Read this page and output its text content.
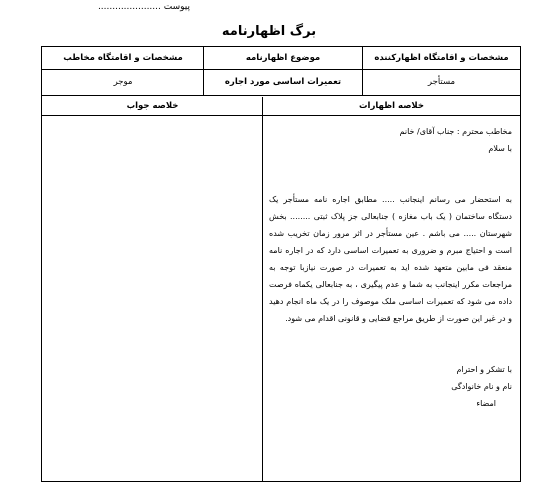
پیوست ......................
برگ اظهارنامه
مشخصات و اقامتگاه اظهارکننده
موضوع اظهارنامه
مشخصات و اقامتگاه مخاطب
مستأجر
تعمیرات اساسی مورد اجاره
موجر
خلاصه اظهارات
خلاصه جواب

مخاطب محترم : جناب آقای/ خانم

با سلام

به استحضار می رسانم اینجانب ..... مطابق اجاره نامه مستأجر یک دستگاه ساختمان ( یک باب مغازه ) جنابعالی جز پلاک ثبتی ........ بخش شهرستان ..... می باشم . عین مستأجر در اثر مرور زمان تخریب شده است و احتیاج مبرم و ضروری به تعمیرات اساسی دارد که در اجاره نامه منعقد فی مابین متعهد شده اید به تعمیرات در صورت نیازبا توجه به مراجعات مکرر اینجانب به شما و عدم پیگیری ، به جنابعالی یکماه فرصت داده می شود که تعمیرات اساسی ملک موصوف را در یک ماه انجام دهید و در غیر این صورت از طریق مراجع قضایی و قانونی اقدام می شود.

با تشکر و احترام

نام و نام خانوادگی

امضاء
